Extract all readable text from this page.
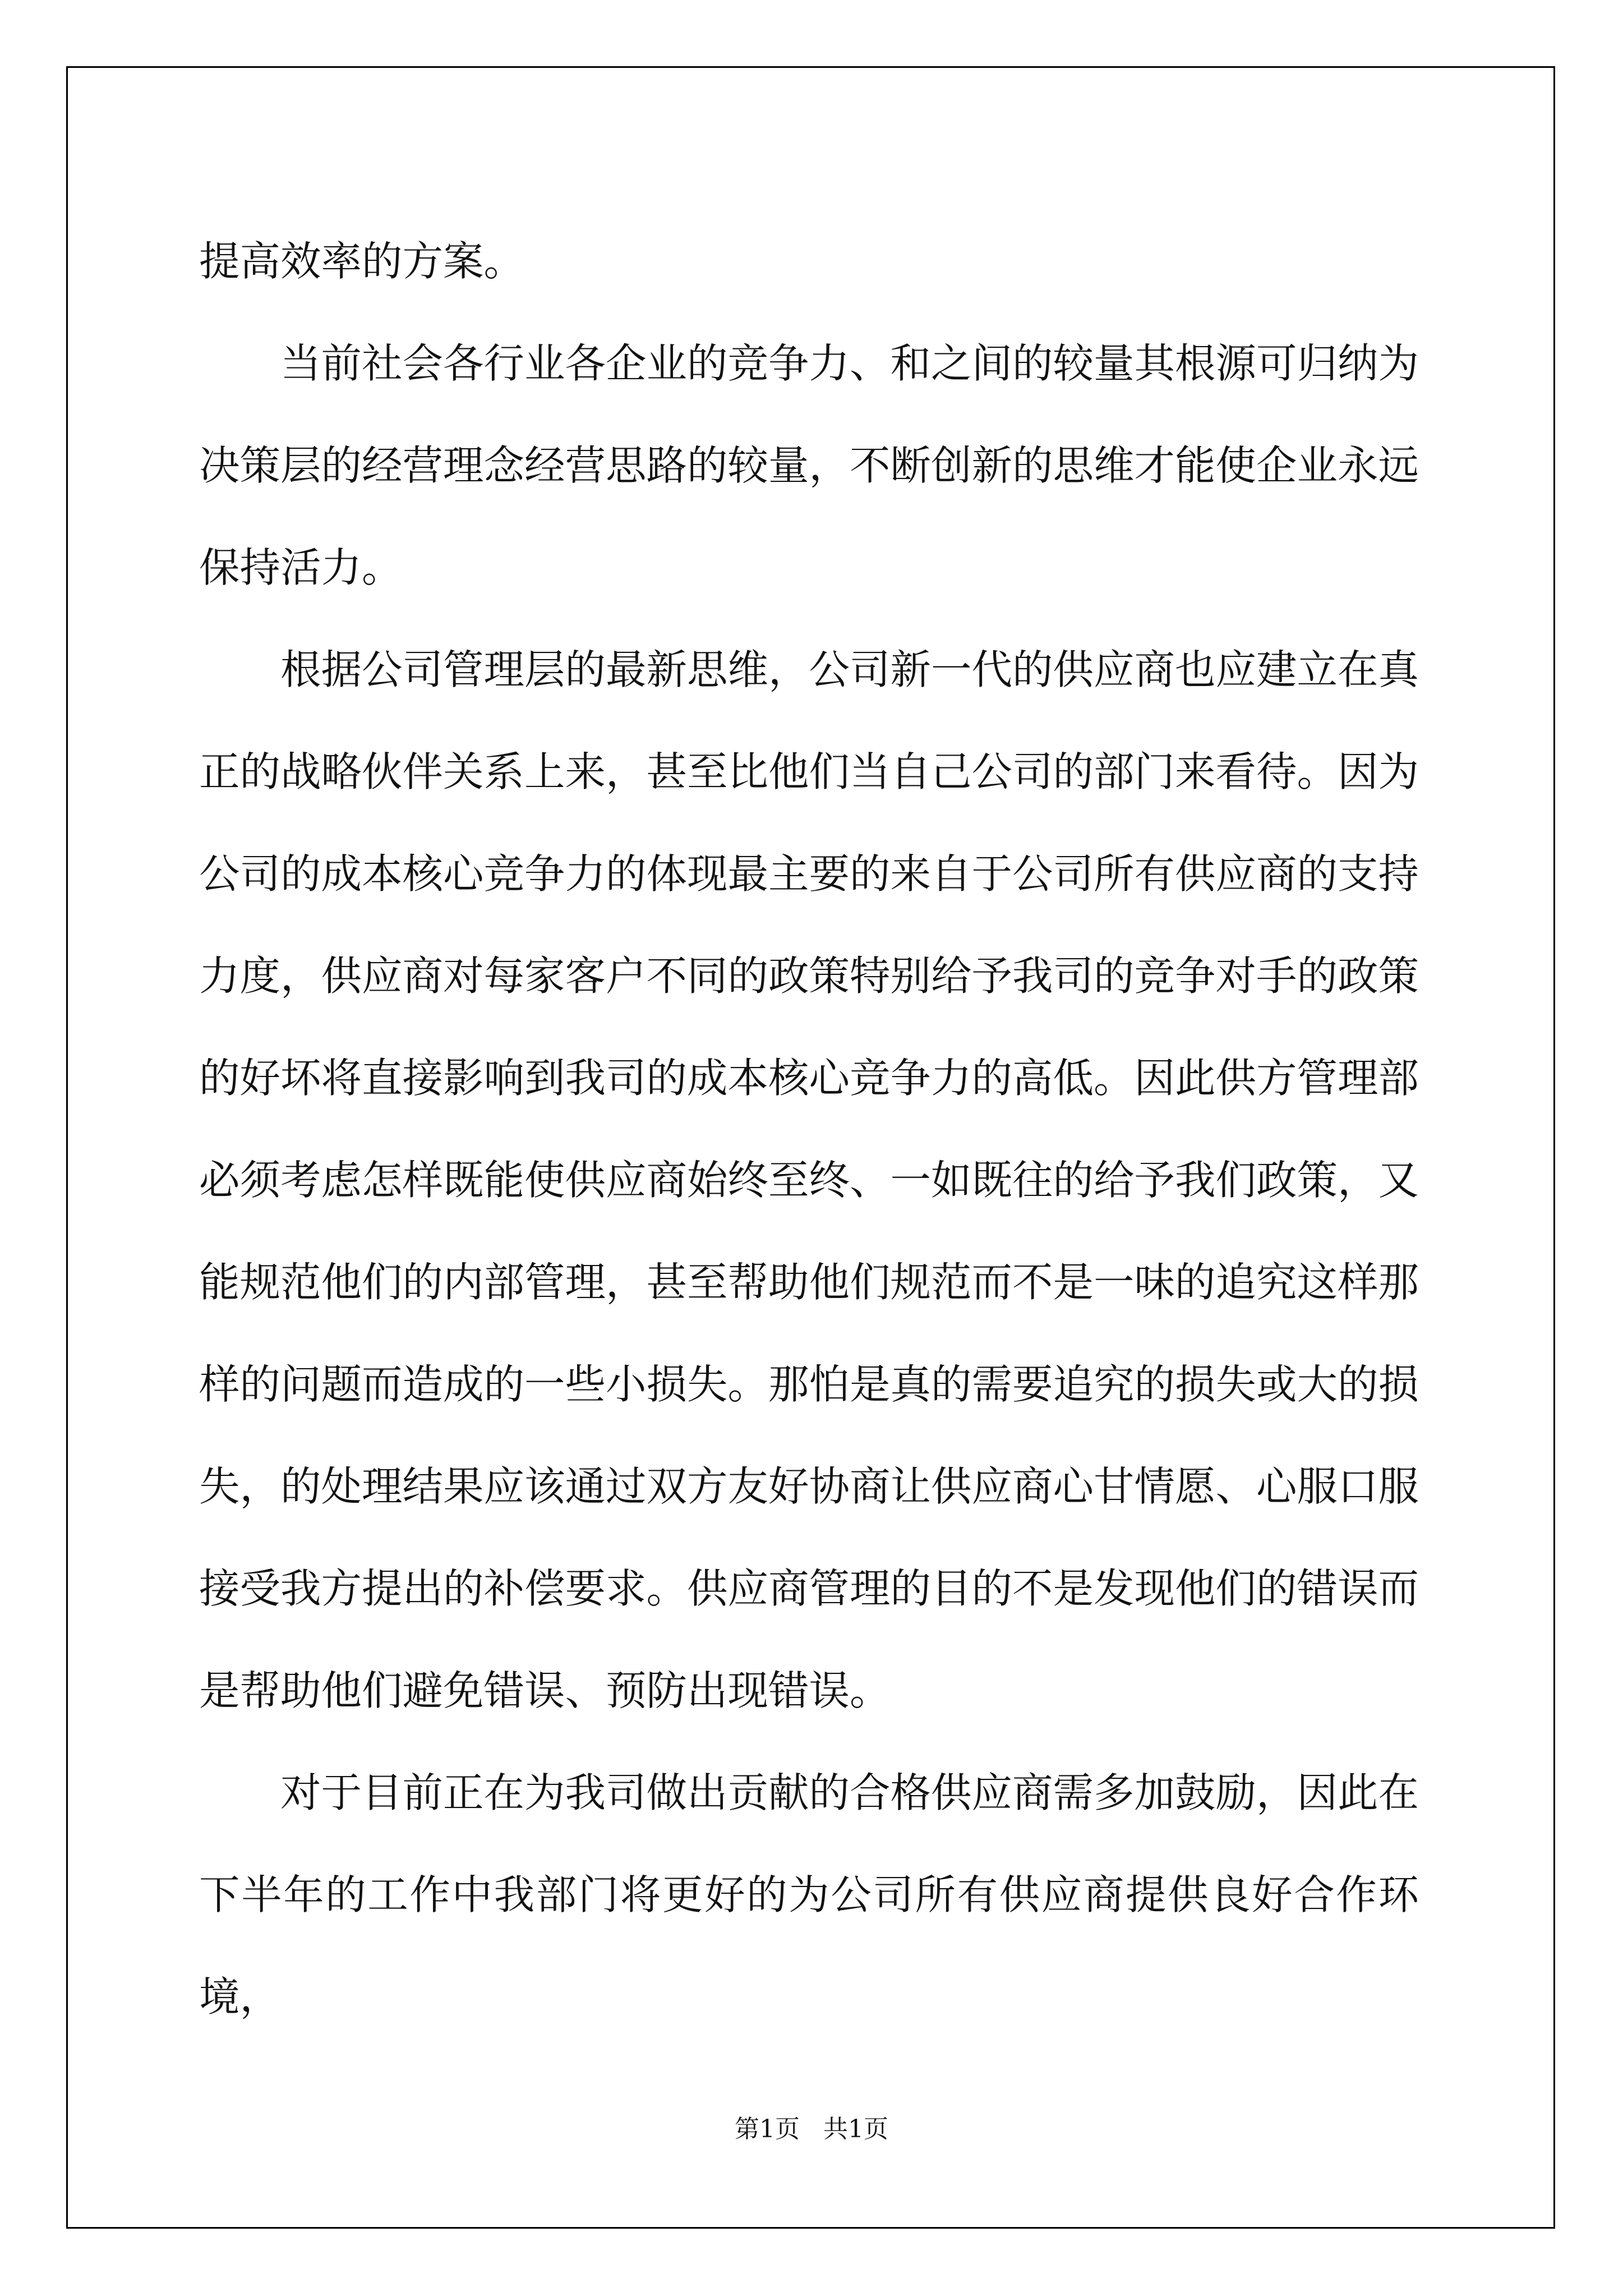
提高效率的方案。

当前社会各行业各企业的竞争力、和之间的较量其根源可归纳为决策层的经营理念经营思路的较量，不断创新的思维才能使企业永远保持活力。

根据公司管理层的最新思维，公司新一代的供应商也应建立在真正的战略伙伴关系上来，甚至比他们当自己公司的部门来看待。因为公司的成本核心竞争力的体现最主要的来自于公司所有供应商的支持力度，供应商对每家客户不同的政策特别给予我司的竞争对手的政策的好坏将直接影响到我司的成本核心竞争力的高低。因此供方管理部必须考虑怎样既能使供应商始终至终、一如既往的给予我们政策，又能规范他们的内部管理，甚至帮助他们规范而不是一味的追究这样那样的问题而造成的一些小损失。那怕是真的需要追究的损失或大的损失，的处理结果应该通过双方友好协商让供应商心甘情愿、心服口服接受我方提出的补偿要求。供应商管理的目的不是发现他们的错误而是帮助他们避免错误、预防出现错误。

对于目前正在为我司做出贡献的合格供应商需多加鼓励，因此在下半年的工作中我部门将更好的为公司所有供应商提供良好合作环境，

第1页   共1页
